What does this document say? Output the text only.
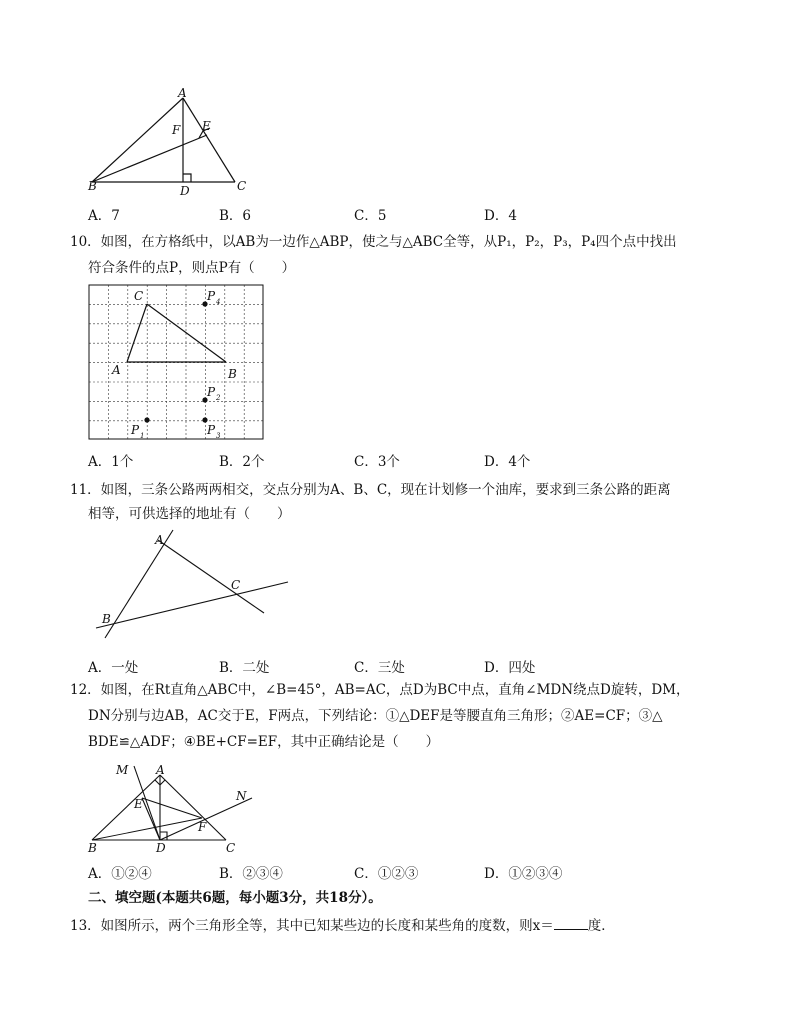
A
B	C
D
E
F
A．7	B．6	C．5	D．4
10．如图，在方格纸中，以AB为一边作△ABP，使之与△ABC全等，从P₁，P₂，P₃，P₄四个点中找出
符合条件的点P，则点P有（　　）
C
A	B
P 4
P 2
P 3
P 1
A．1个	B．2个	C．3个	D．4个
11．如图，三条公路两两相交，交点分别为A、B、C，现在计划修一个油库，要求到三条公路的距离
相等，可供选择的地址有（　　）
A
B
C
A．一处	B．二处	C．三处	D．四处
12．如图，在Rt直角△ABC中，∠B=45°，AB=AC，点D为BC中点，直角∠MDN绕点D旋转，DM，
DN分别与边AB，AC交于E，F两点，下列结论：①△DEF是等腰直角三角形；②AE=CF；③△
BDE≌△ADF；④BE+CF=EF，其中正确结论是（　　）
A
B	C
D
E
F
M
N
A．①②④	B．②③④	C．①②③	D．①②③④
二、填空题(本题共6题，每小题3分，共18分）。
13．如图所示，两个三角形全等，其中已知某些边的长度和某些角的度数，则x＝	度．
